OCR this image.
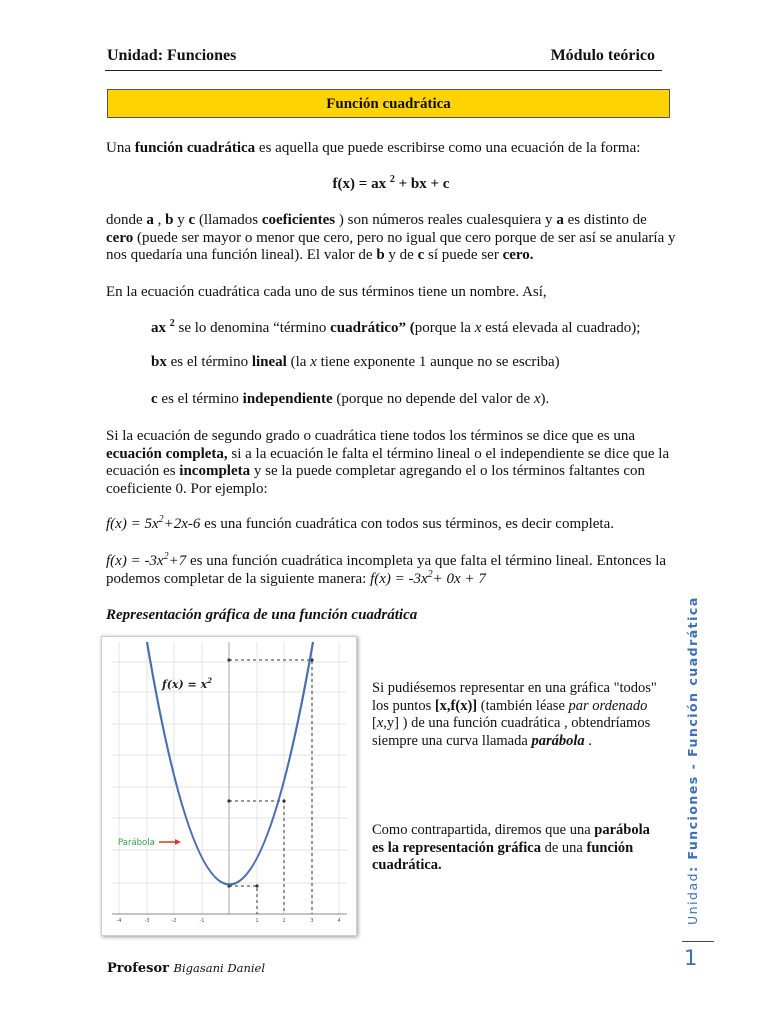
Unidad: Funciones	Módulo teórico
Función cuadrática
Una función cuadrática es aquella que puede escribirse como una ecuación de la forma:
f(x) = ax $^2$ + bx + c
donde a , b y c (llamados coeficientes ) son números reales cualesquiera y a es distinto de cero (puede ser mayor o menor que cero, pero no igual que cero porque de ser así se anularía y nos quedaría una función lineal). El valor de b y de c sí puede ser cero.
En la ecuación cuadrática cada uno de sus términos tiene un nombre. Así,
ax $^2$ se lo denomina “término cuadrático” (porque la x está elevada al cuadrado);
bx es el término lineal (la x tiene exponente 1 aunque no se escriba)
c es el término independiente (porque no depende del valor de x).
Si la ecuación de segundo grado o cuadrática tiene todos los términos se dice que es una ecuación completa, si a la ecuación le falta el término lineal o el independiente se dice que la ecuación es incompleta y se la puede completar agregando el o los términos faltantes con coeficiente 0. Por ejemplo:
$f(x) = 5x^2+2x-6$ es una función cuadrática con todos sus términos, es decir completa.
$f(x) = -3x^2+7$ es una función cuadrática incompleta ya que falta el término lineal. Entonces la podemos completar de la siguiente manera: $f(x) = -3x^2+ 0x + 7$
Representación gráfica de una función cuadrática
-4	-3	-2	-1	1	2	3	4
$f(x) = x^2$
Parábola
Si pudiésemos representar en una gráfica "todos" los puntos [x,f(x)] (también léase par ordenado [x,y] ) de una función cuadrática , obtendríamos siempre una curva llamada parábola .
Como contrapartida, diremos que una parábola es la representación gráfica de una función cuadrática.
Unidad: Funciones - Función cuadrática
1
Profesor Bigasani Daniel
